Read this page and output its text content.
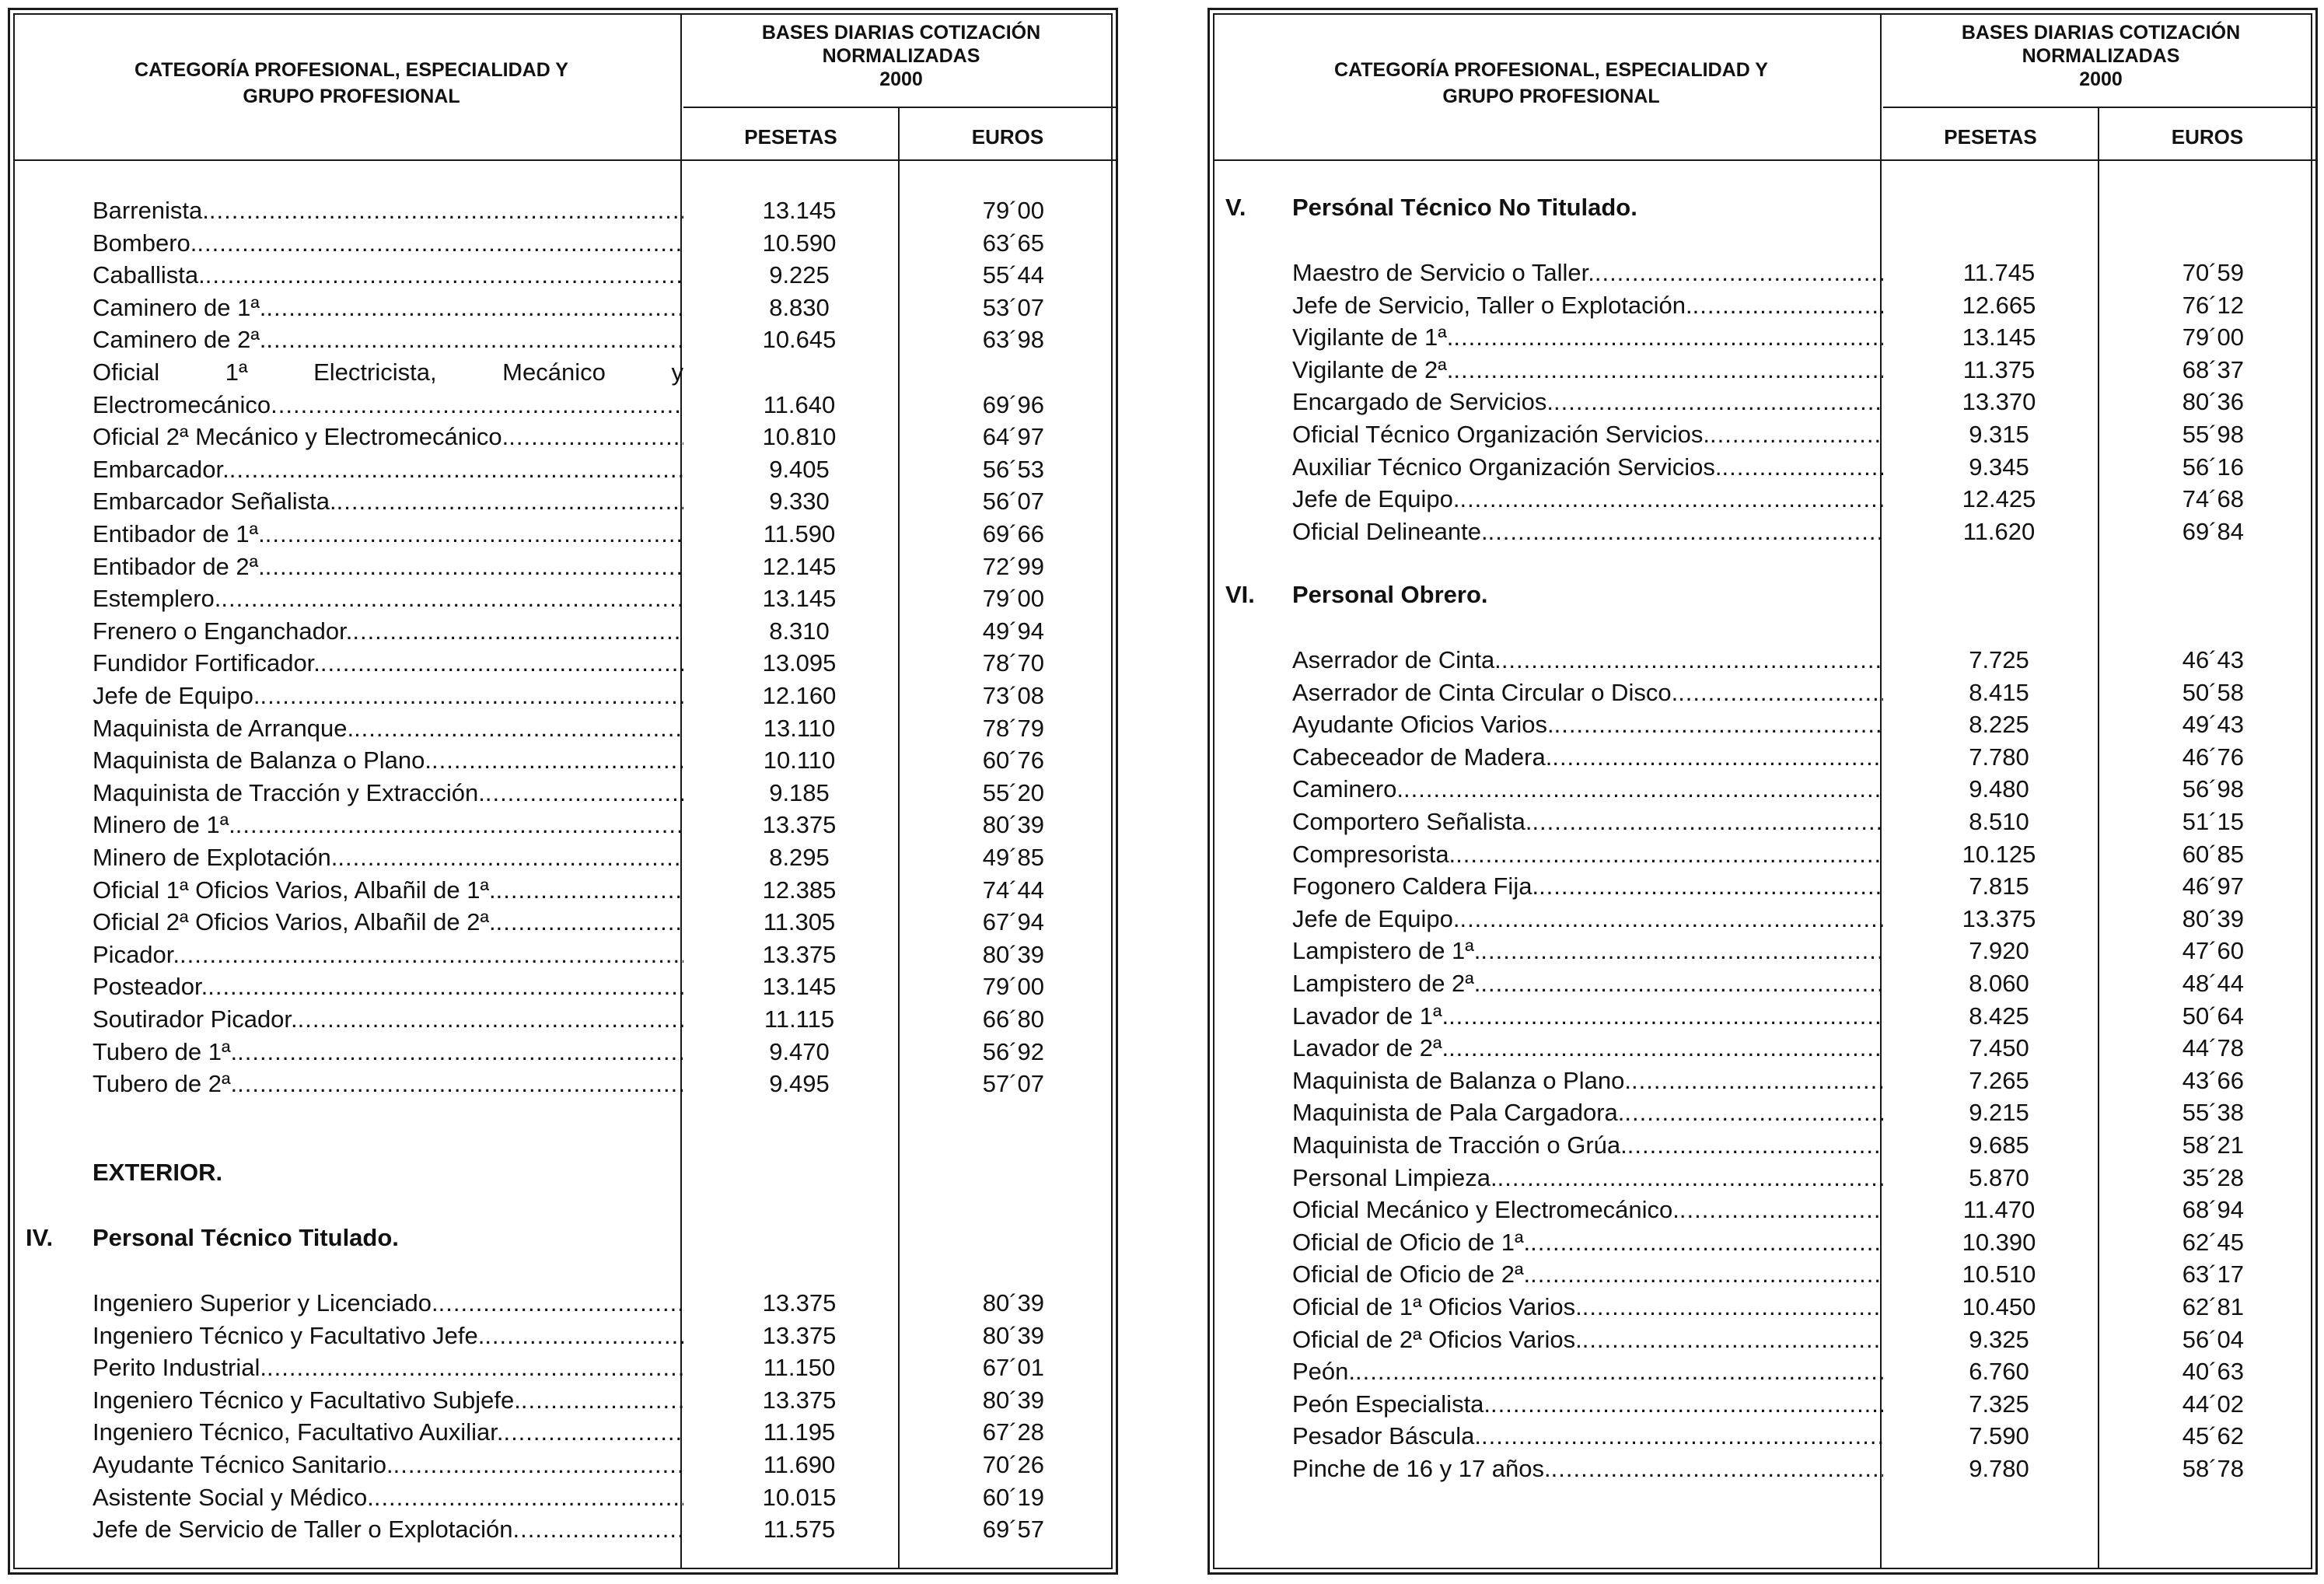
CATEGORÍA PROFESIONAL, ESPECIALIDAD Y
GRUPO PROFESIONAL
BASES DIARIAS COTIZACIÓN
NORMALIZADAS
2000
PESETAS	EUROS
Barrenista. .....	13.145	79´00
Bombero. .....	10.590	63´65
Caballista. .....	9.225	55´44
Caminero de 1ª. .....	8.830	53´07
Caminero de 2ª. .....	10.645	63´98
Oficial	1ª	Electricista,	Mecánico	y
Electromecánico .....	11.640	69´96
Oficial 2ª Mecánico y Electromecánico. .....	10.810	64´97
Embarcador. .....	9.405	56´53
Embarcador Señalista. .....	9.330	56´07
Entibador de 1ª. .....	11.590	69´66
Entibador de 2ª. .....	12.145	72´99
Estemplero. .....	13.145	79´00
Frenero o Enganchador. .....	8.310	49´94
Fundidor Fortificador. .....	13.095	78´70
Jefe de Equipo. .....	12.160	73´08
Maquinista de Arranque. .....	13.110	78´79
Maquinista de Balanza o Plano. .....	10.110	60´76
Maquinista de Tracción y Extracción. .....	9.185	55´20
Minero de 1ª. .....	13.375	80´39
Minero de Explotación. .....	8.295	49´85
Oficial 1ª Oficios Varios, Albañil de 1ª. .....	12.385	74´44
Oficial 2ª Oficios Varios, Albañil de 2ª. .....	11.305	67´94
Picador. .....	13.375	80´39
Posteador. .....	13.145	79´00
Soutirador Picador. .....	11.115	66´80
Tubero de 1ª. .....	9.470	56´92
Tubero de 2ª. .....	9.495	57´07
EXTERIOR.
IV. Personal Técnico Titulado.
Ingeniero Superior y Licenciado. .....	13.375	80´39
Ingeniero Técnico y Facultativo Jefe. .....	13.375	80´39
Perito Industrial. .....	11.150	67´01
Ingeniero Técnico y Facultativo Subjefe. .....	13.375	80´39
Ingeniero Técnico, Facultativo Auxiliar. .....	11.195	67´28
Ayudante Técnico Sanitario. .....	11.690	70´26
Asistente Social y Médico. .....	10.015	60´19
Jefe de Servicio de Taller o Explotación .....	11.575	69´57
CATEGORÍA PROFESIONAL, ESPECIALIDAD Y
GRUPO PROFESIONAL
BASES DIARIAS COTIZACIÓN
NORMALIZADAS
2000
PESETAS	EUROS
V. Persónal Técnico No Titulado.
Maestro de Servicio o Taller. .....	11.745	70´59
Jefe de Servicio, Taller o Explotación. .....	12.665	76´12
Vigilante de 1ª. .....	13.145	79´00
Vigilante de 2ª. .....	11.375	68´37
Encargado de Servicios. .....	13.370	80´36
Oficial Técnico Organización Servicios. .....	9.315	55´98
Auxiliar Técnico Organización Servicios. .....	9.345	56´16
Jefe de Equipo. .....	12.425	74´68
Oficial Delineante. .....	11.620	69´84
VI. Personal Obrero.
Aserrador de Cinta. .....	7.725	46´43
Aserrador de Cinta Circular o Disco. .....	8.415	50´58
Ayudante Oficios Varios. .....	8.225	49´43
Cabeceador de Madera. .....	7.780	46´76
Caminero. .....	9.480	56´98
Comportero Señalista. .....	8.510	51´15
Compresorista. .....	10.125	60´85
Fogonero Caldera Fija. .....	7.815	46´97
Jefe de Equipo. .....	13.375	80´39
Lampistero de 1ª. .....	7.920	47´60
Lampistero de 2ª. .....	8.060	48´44
Lavador de 1ª. .....	8.425	50´64
Lavador de 2ª. .....	7.450	44´78
Maquinista de Balanza o Plano. .....	7.265	43´66
Maquinista de Pala Cargadora. .....	9.215	55´38
Maquinista de Tracción o Grúa. .....	9.685	58´21
Personal Limpieza. .....	5.870	35´28
Oficial Mecánico y Electromecánico. .....	11.470	68´94
Oficial de Oficio de 1ª. .....	10.390	62´45
Oficial de Oficio de 2ª. .....	10.510	63´17
Oficial de 1ª Oficios Varios. .....	10.450	62´81
Oficial de 2ª Oficios Varios. .....	9.325	56´04
Peón. .....	6.760	40´63
Peón Especialista. .....	7.325	44´02
Pesador Báscula. .....	7.590	45´62
Pinche de 16 y 17 años. .....	9.780	58´78
